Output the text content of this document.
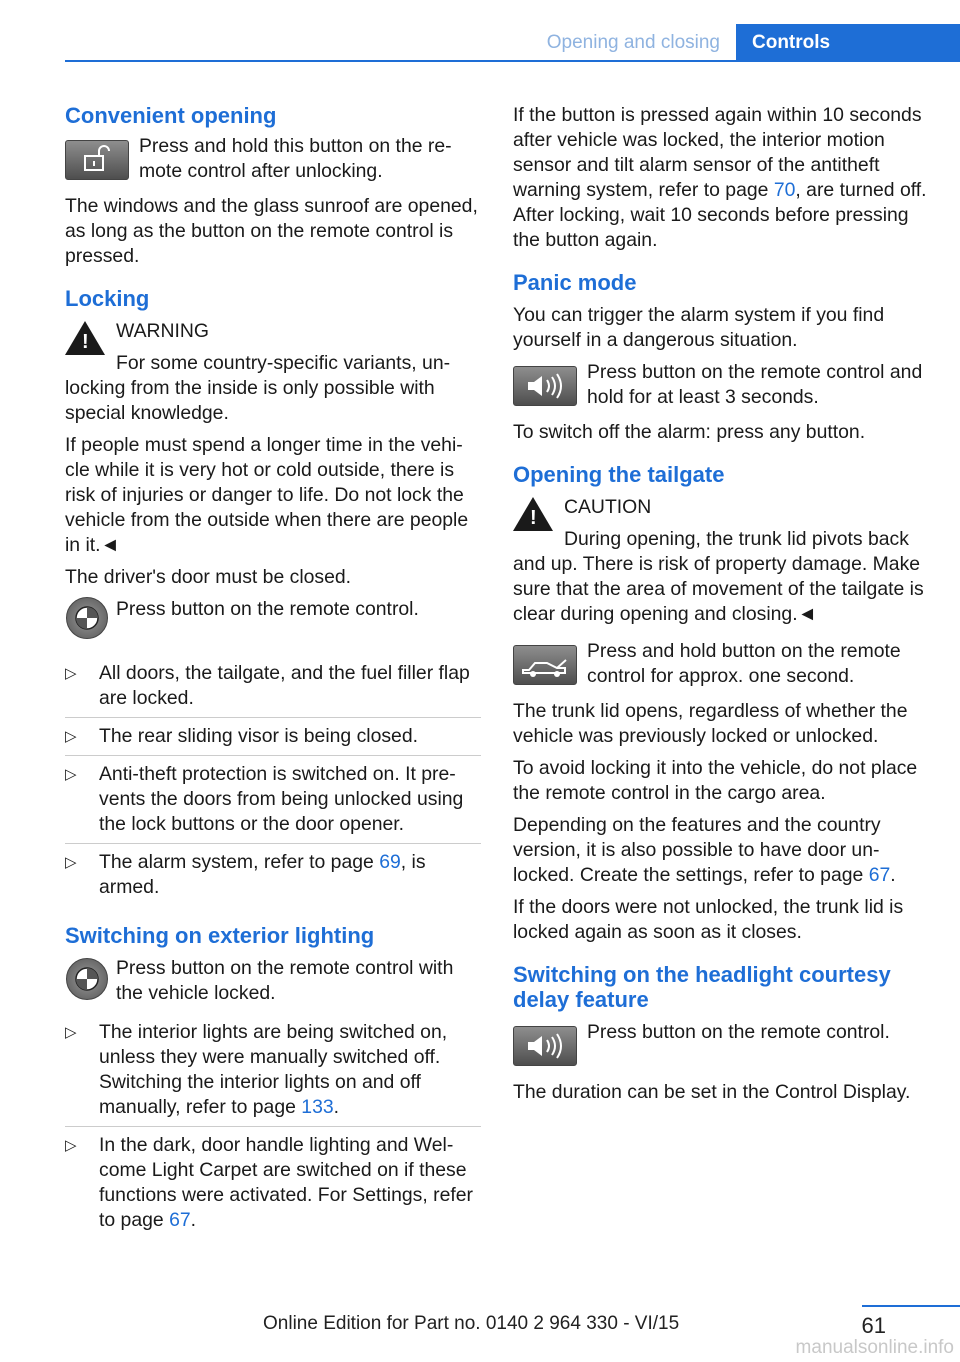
Opening and closing	Controls
Convenient opening
Press and hold this button on the remote control after unlocking.

The windows and the glass sunroof are opened, as long as the button on the remote control is pressed.

Locking
!	WARNING

For some country-specific variants, unlocking from the inside is only possible with special knowledge.

If people must spend a longer time in the vehicle while it is very hot or cold outside, there is risk of injuries or danger to life. Do not lock the vehicle from the outside when there are people in it.◄

The driver's door must be closed.

Press button on the remote control.
▷ All doors, the tailgate, and the fuel filler flap are locked.
▷ The rear sliding visor is being closed.
▷ Anti-theft protection is switched on. It prevents the doors from being unlocked using the lock buttons or the door opener.
▷ The alarm system, refer to page 69, is armed.
Switching on exterior lighting
Press button on the remote control with the vehicle locked.
▷ The interior lights are being switched on, unless they were manually switched off. Switching the interior lights on and off manually, refer to page 133.
▷ In the dark, door handle lighting and Welcome Light Carpet are switched on if these functions were activated. For Settings, refer to page 67.

If the button is pressed again within 10 seconds after vehicle was locked, the interior motion sensor and tilt alarm sensor of the antitheft warning system, refer to page 70, are turned off. After locking, wait 10 seconds before pressing the button again.

Panic mode

You can trigger the alarm system if you find yourself in a dangerous situation.

Press button on the remote control and hold for at least 3 seconds.

To switch off the alarm: press any button.

Opening the tailgate
!	CAUTION

During opening, the trunk lid pivots back and up. There is risk of property damage. Make sure that the area of movement of the tailgate is clear during opening and closing.◄

Press and hold button on the remote control for approx. one second.

The trunk lid opens, regardless of whether the vehicle was previously locked or unlocked.

To avoid locking it into the vehicle, do not place the remote control in the cargo area.

Depending on the features and the country version, it is also possible to have door unlocked. Create the settings, refer to page 67.

If the doors were not unlocked, the trunk lid is locked again as soon as it closes.

Switching on the headlight courtesy delay feature
Press button on the remote control.

The duration can be set in the Control Display.

61
Online Edition for Part no. 0140 2 964 330 - VI/15
manualsonline.info
